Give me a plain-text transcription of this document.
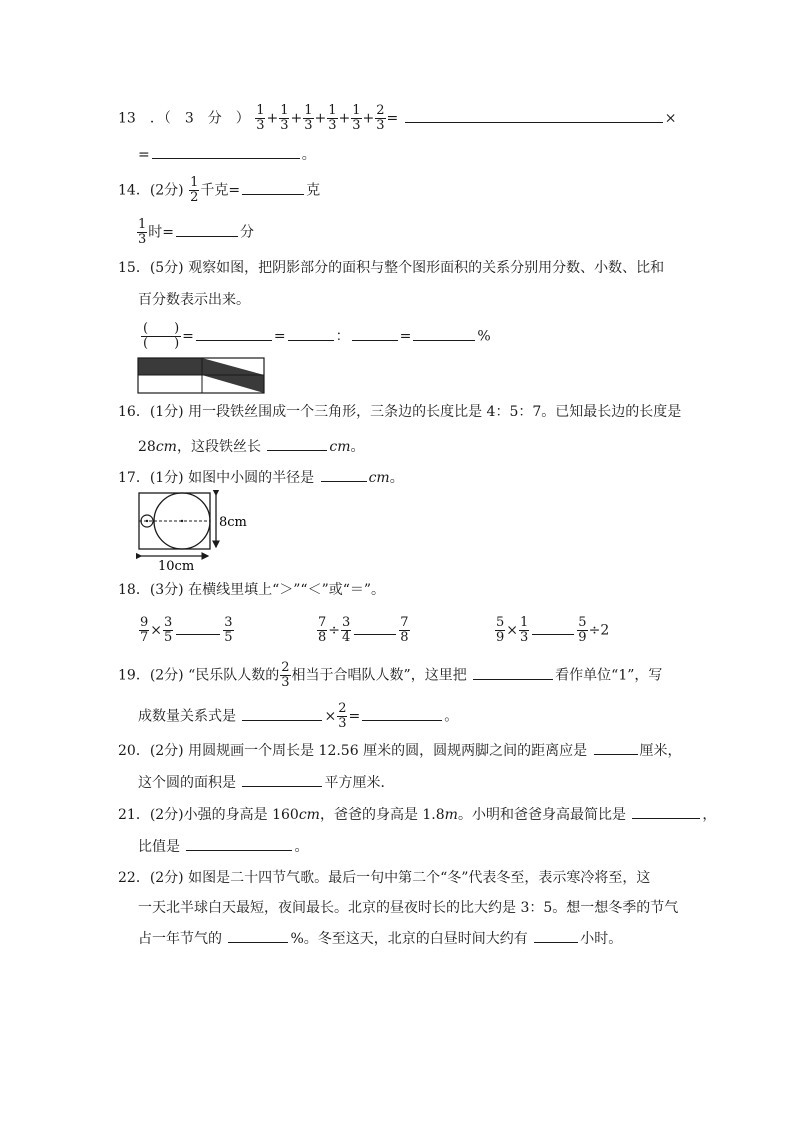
13　．（　3　分　） $\frac{1}{3} + \frac{1}{3} + \frac{1}{3} + \frac{1}{3} + \frac{1}{3} + \frac{2}{3}$ =	×
=	。
14．(2分) $\frac{1}{2}$ 千克=	克
$\frac{1}{3}$ 时=	分
15．(5分) 观察如图，把阴影部分的面积与整个图形面积的关系分别用分数、小数、比和
百分数表示出来。
$\frac{( )}{( )}$ =	=	：	=	%
16．(1分) 用一段铁丝围成一个三角形，三条边的长度比是 4：5：7。已知最长边的长度是
28cm，这段铁丝长	cm。
17．(1分) 如图中小圆的半径是	cm。
8cm
10cm
18．(3分) 在横线里填上“＞”“＜”或“＝”。
$\frac{9}{7} \times \frac{3}{5}$	$\frac{3}{5}$	$\frac{7}{8} \div \frac{3}{4}$	$\frac{7}{8}$	$\frac{5}{9} \times \frac{1}{3}$	$\frac{5}{9} \div 2$
19．(2分) “民乐队人数的 $\frac{2}{3}$ 相当于合唱队人数”，这里把	看作单位“1”，写
成数量关系式是	× $\frac{2}{3}$ =	。
20．(2分) 用圆规画一个周长是 12.56 厘米的圆，圆规两脚之间的距离应是	厘米，
这个圆的面积是	平方厘米．
21．(2分)小强的身高是 160cm，爸爸的身高是 1.8m。小明和爸爸身高最简比是	，
比值是	。
22．(2分) 如图是二十四节气歌。最后一句中第二个“冬”代表冬至，表示寒冷将至，这
一天北半球白天最短，夜间最长。北京的昼夜时长的比大约是 3：5。想一想冬季的节气
占一年节气的	%。冬至这天，北京的白昼时间大约有	小时。
